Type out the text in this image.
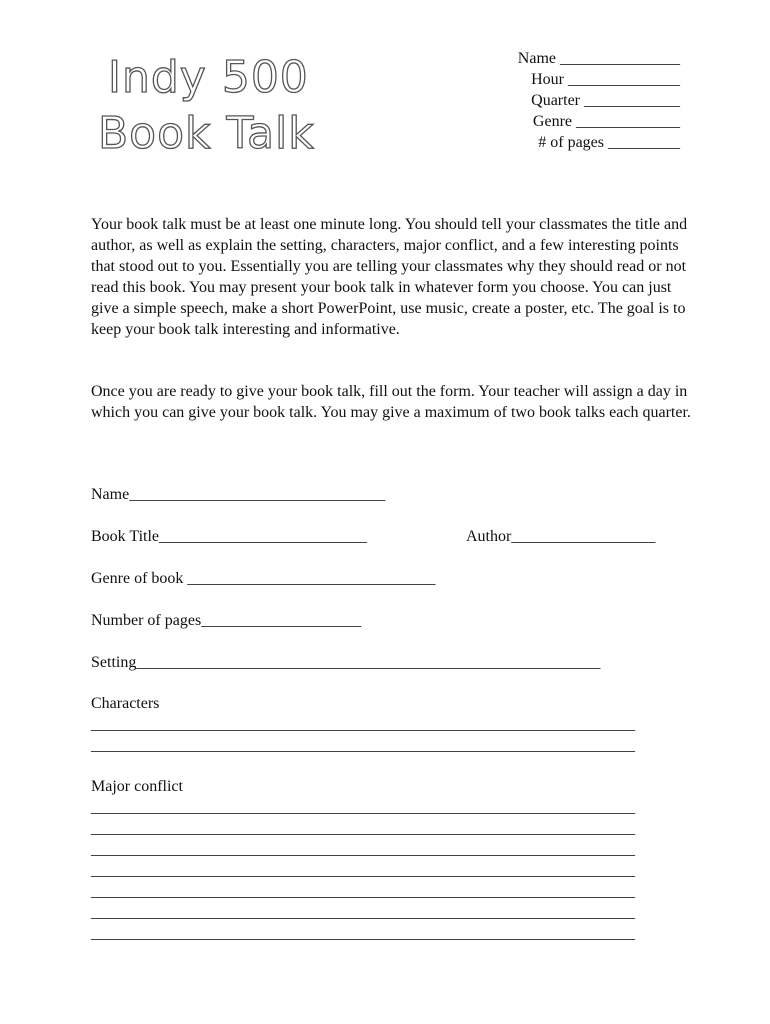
Indy 500
Book Talk
Name _______________
Hour ______________
Quarter ____________
Genre _____________
# of pages _________

Your book talk must be at least one minute long. You should tell your classmates the title and author, as well as explain the setting, characters, major conflict, and a few interesting points that stood out to you. Essentially you are telling your classmates why they should read or not read this book. You may present your book talk in whatever form you choose. You can just give a simple speech, make a short PowerPoint, use music, create a poster, etc. The goal is to keep your book talk interesting and informative.

Once you are ready to give your book talk, fill out the form. Your teacher will assign a day in which you can give your book talk. You may give a maximum of two book talks each quarter.

Name________________________________
Book Title__________________________	Author__________________
Genre of book _______________________________
Number of pages____________________
Setting__________________________________________________________
Characters
____________________________________________________________________
____________________________________________________________________
Major conflict
____________________________________________________________________
____________________________________________________________________
____________________________________________________________________
____________________________________________________________________
____________________________________________________________________
____________________________________________________________________
____________________________________________________________________
